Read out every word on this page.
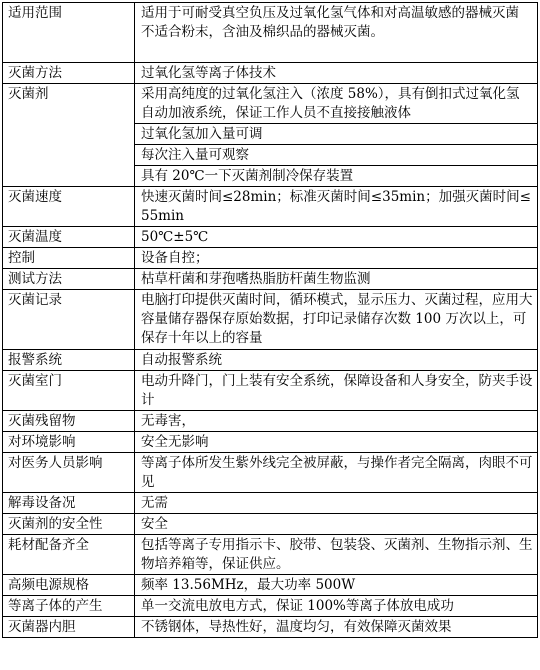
适用范围	适用于可耐受真空负压及过氧化氢气体和对高温敏感的器械灭菌
不适合粉末，含油及棉织品的器械灭菌。

灭菌方法	过氧化氢等离子体技术
灭菌剂	采用高纯度的过氧化氢注入（浓度 58%），具有倒扣式过氧化氢 自动加液系统，保证工作人员不直接接触液体
	过氧化氢加入量可调
	每次注入量可观察
	具有 20℃一下灭菌剂制冷保存装置
灭菌速度	快速灭菌时间≤28min；标准灭菌时间≤35min；加强灭菌时间≤55min
灭菌温度	50℃±5℃
控制	设备自控；
测试方法	枯草杆菌和芽孢嗜热脂肪杆菌生物监测
灭菌记录	电脑打印提供灭菌时间，循环模式，显示压力、灭菌过程，应用大容量储存器保存原始数据，打印记录储存次数 100 万次以上，可保存十年以上的容量
报警系统	自动报警系统
灭菌室门	电动升降门，门上装有安全系统，保障设备和人身安全，防夹手设计
灭菌残留物	无毒害，
对环境影响	安全无影响
对医务人员影响	等离子体所发生紫外线完全被屏蔽，与操作者完全隔离，肉眼不可见
解毒设备况	无需
灭菌剂的安全性	安全
耗材配备齐全	包括等离子专用指示卡、胶带、包装袋、灭菌剂、生物指示剂、生物培养箱等，保证供应。
高频电源规格	频率 13.56MHz，最大功率 500W
等离子体的产生	单一交流电放电方式，保证 100%等离子体放电成功
灭菌器内胆	不锈钢体，导热性好，温度均匀，有效保障灭菌效果
